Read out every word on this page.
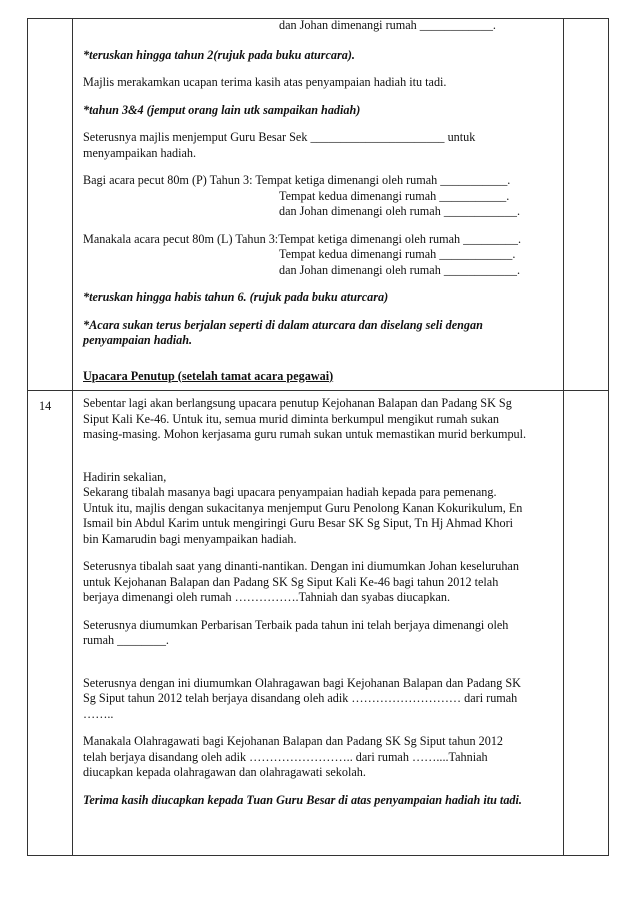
14

dan Johan dimenangi rumah ____________.

*teruskan hingga tahun 2(rujuk pada buku aturcara).

Majlis merakamkan ucapan terima kasih atas penyampaian hadiah itu tadi.

*tahun 3&4 (jemput orang lain utk sampaikan hadiah)

Seterusnya majlis menjemput Guru Besar Sek ______________________ untuk
menyampaikan hadiah.

Bagi acara pecut 80m (P) Tahun 3: Tempat ketiga dimenangi oleh rumah ___________.
Tempat kedua dimenangi rumah ___________.
dan Johan dimenangi oleh rumah ____________.

Manakala acara pecut 80m (L) Tahun 3:Tempat ketiga dimenangi oleh rumah _________.
Tempat kedua dimenangi rumah ____________.
dan Johan dimenangi oleh rumah ____________.

*teruskan hingga habis tahun 6. (rujuk pada buku aturcara)

*Acara sukan terus berjalan seperti di dalam aturcara dan diselang seli dengan
penyampaian hadiah.

Upacara Penutup (setelah tamat acara pegawai)

Sebentar lagi akan berlangsung upacara penutup Kejohanan Balapan dan Padang SK Sg
Siput Kali Ke-46. Untuk itu, semua murid diminta berkumpul mengikut rumah sukan
masing-masing. Mohon kerjasama guru rumah sukan untuk memastikan murid berkumpul.

Hadirin sekalian,
Sekarang tibalah masanya bagi upacara penyampaian hadiah kepada para pemenang.
Untuk itu, majlis dengan sukacitanya menjemput Guru Penolong Kanan Kokurikulum, En
Ismail bin Abdul Karim untuk mengiringi Guru Besar SK Sg Siput, Tn Hj Ahmad Khori
bin Kamarudin bagi menyampaikan hadiah.

Seterusnya tibalah saat yang dinanti-nantikan. Dengan ini diumumkan Johan keseluruhan
untuk Kejohanan Balapan dan Padang SK Sg Siput Kali Ke-46 bagi tahun 2012 telah
berjaya dimenangi oleh rumah …………….Tahniah dan syabas diucapkan.

Seterusnya diumumkan Perbarisan Terbaik pada tahun ini telah berjaya dimenangi oleh
rumah ________.

Seterusnya dengan ini diumumkan Olahragawan bagi Kejohanan Balapan dan Padang SK
Sg Siput tahun 2012 telah berjaya disandang oleh adik ……………………… dari rumah
……..

Manakala Olahragawati bagi Kejohanan Balapan dan Padang SK Sg Siput tahun 2012
telah berjaya disandang oleh adik …………………….. dari rumah ……....Tahniah
diucapkan kepada olahragawan dan olahragawati sekolah.

Terima kasih diucapkan kepada Tuan Guru Besar di atas penyampaian hadiah itu tadi.
